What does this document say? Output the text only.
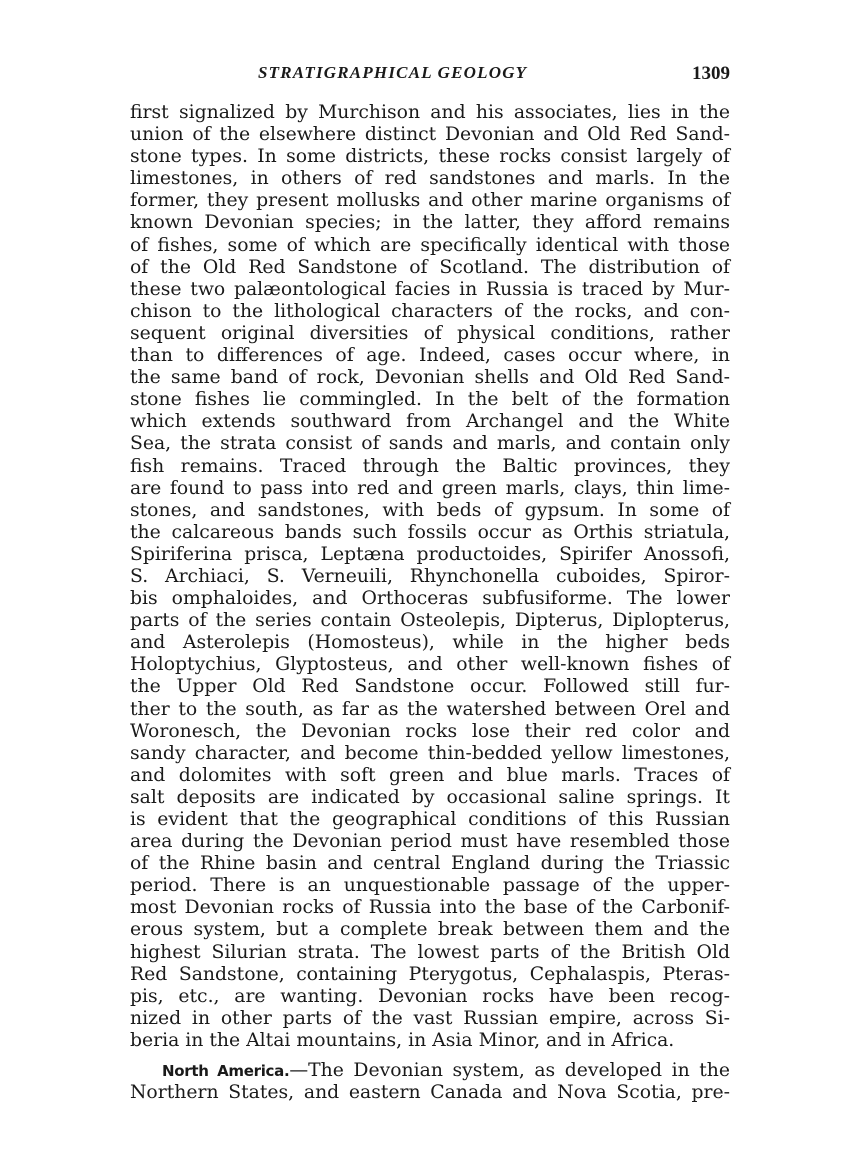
STRATIGRAPHICAL GEOLOGY	1309
first signalized by Murchison and his associates, lies in the
union of the elsewhere distinct Devonian and Old Red Sand-
stone types. In some districts, these rocks consist largely of
limestones, in others of red sandstones and marls. In the
former, they present mollusks and other marine organisms of
known Devonian species; in the latter, they afford remains
of fishes, some of which are specifically identical with those
of the Old Red Sandstone of Scotland. The distribution of
these two palæontological facies in Russia is traced by Mur-
chison to the lithological characters of the rocks, and con-
sequent original diversities of physical conditions, rather
than to differences of age. Indeed, cases occur where, in
the same band of rock, Devonian shells and Old Red Sand-
stone fishes lie commingled. In the belt of the formation
which extends southward from Archangel and the White
Sea, the strata consist of sands and marls, and contain only
fish remains. Traced through the Baltic provinces, they
are found to pass into red and green marls, clays, thin lime-
stones, and sandstones, with beds of gypsum. In some of
the calcareous bands such fossils occur as Orthis striatula,
Spiriferina prisca, Leptæna productoides, Spirifer Anossofi,
S. Archiaci, S. Verneuili, Rhynchonella cuboides, Spiror-
bis omphaloides, and Orthoceras subfusiforme. The lower
parts of the series contain Osteolepis, Dipterus, Diplopterus,
and Asterolepis (Homosteus), while in the higher beds
Holoptychius, Glyptosteus, and other well-known fishes of
the Upper Old Red Sandstone occur. Followed still fur-
ther to the south, as far as the watershed between Orel and
Woronesch, the Devonian rocks lose their red color and
sandy character, and become thin-bedded yellow limestones,
and dolomites with soft green and blue marls. Traces of
salt deposits are indicated by occasional saline springs. It
is evident that the geographical conditions of this Russian
area during the Devonian period must have resembled those
of the Rhine basin and central England during the Triassic
period. There is an unquestionable passage of the upper-
most Devonian rocks of Russia into the base of the Carbonif-
erous system, but a complete break between them and the
highest Silurian strata. The lowest parts of the British Old
Red Sandstone, containing Pterygotus, Cephalaspis, Pteras-
pis, etc., are wanting. Devonian rocks have been recog-
nized in other parts of the vast Russian empire, across Si-
beria in the Altai mountains, in Asia Minor, and in Africa.
North America.—The Devonian system, as developed in the
Northern States, and eastern Canada and Nova Scotia, pre-
